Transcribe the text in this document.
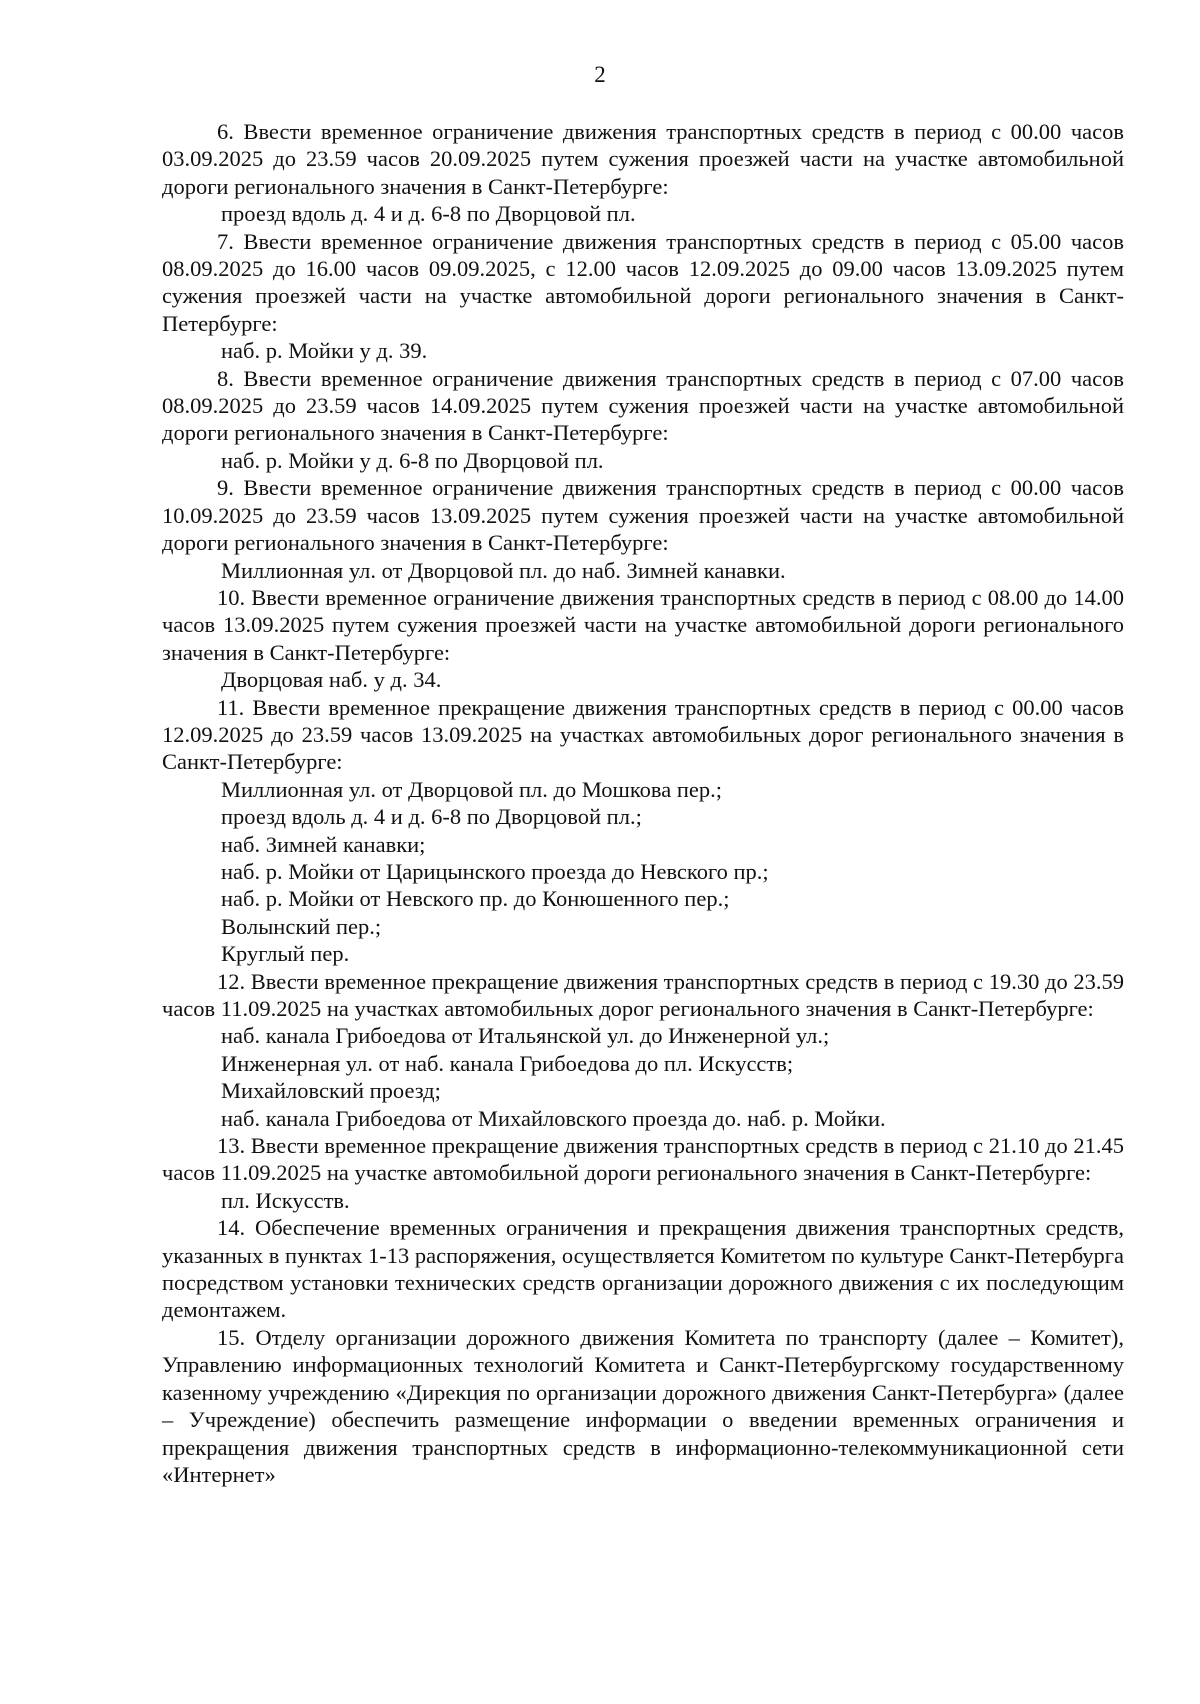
2

6. Ввести временное ограничение движения транспортных средств в период с 00.00 часов 03.09.2025 до 23.59 часов 20.09.2025 путем сужения проезжей части на участке автомобильной дороги регионального значения в Санкт-Петербурге:

проезд вдоль д. 4 и д. 6-8 по Дворцовой пл.

7. Ввести временное ограничение движения транспортных средств в период с 05.00 часов 08.09.2025 до 16.00 часов 09.09.2025, с 12.00 часов 12.09.2025 до 09.00 часов 13.09.2025 путем сужения проезжей части на участке автомобильной дороги регионального значения в Санкт-Петербурге:

наб. р. Мойки у д. 39.

8. Ввести временное ограничение движения транспортных средств в период с 07.00 часов 08.09.2025 до 23.59 часов 14.09.2025 путем сужения проезжей части на участке автомобильной дороги регионального значения в Санкт-Петербурге:

наб. р. Мойки у д. 6-8 по Дворцовой пл.

9. Ввести временное ограничение движения транспортных средств в период с 00.00 часов 10.09.2025 до 23.59 часов 13.09.2025 путем сужения проезжей части на участке автомобильной дороги регионального значения в Санкт-Петербурге:

Миллионная ул. от Дворцовой пл. до наб. Зимней канавки.

10. Ввести временное ограничение движения транспортных средств в период с 08.00 до 14.00 часов 13.09.2025 путем сужения проезжей части на участке автомобильной дороги регионального значения в Санкт-Петербурге:

Дворцовая наб. у д. 34.

11. Ввести временное прекращение движения транспортных средств в период с 00.00 часов 12.09.2025 до 23.59 часов 13.09.2025 на участках автомобильных дорог регионального значения в Санкт-Петербурге:

Миллионная ул. от Дворцовой пл. до Мошкова пер.;

проезд вдоль д. 4 и д. 6-8 по Дворцовой пл.;

наб. Зимней канавки;

наб. р. Мойки от Царицынского проезда до Невского пр.;

наб. р. Мойки от Невского пр. до Конюшенного пер.;

Волынский пер.;

Круглый пер.

12. Ввести временное прекращение движения транспортных средств в период с 19.30 до 23.59 часов 11.09.2025 на участках автомобильных дорог регионального значения в Санкт-Петербурге:

наб. канала Грибоедова от Итальянской ул. до Инженерной ул.;

Инженерная ул. от наб. канала Грибоедова до пл. Искусств;

Михайловский проезд;

наб. канала Грибоедова от Михайловского проезда до. наб. р. Мойки.

13. Ввести временное прекращение движения транспортных средств в период с 21.10 до 21.45 часов 11.09.2025 на участке автомобильной дороги регионального значения в Санкт-Петербурге:

пл. Искусств.

14. Обеспечение временных ограничения и прекращения движения транспортных средств, указанных в пунктах 1-13 распоряжения, осуществляется Комитетом по культуре Санкт-Петербурга посредством установки технических средств организации дорожного движения с их последующим демонтажем.

15. Отделу организации дорожного движения Комитета по транспорту (далее – Комитет), Управлению информационных технологий Комитета и Санкт-Петербургскому государственному казенному учреждению «Дирекция по организации дорожного движения Санкт-Петербурга» (далее – Учреждение) обеспечить размещение информации о введении временных ограничения и прекращения движения транспортных средств в информационно-телекоммуникационной сети «Интернет»
